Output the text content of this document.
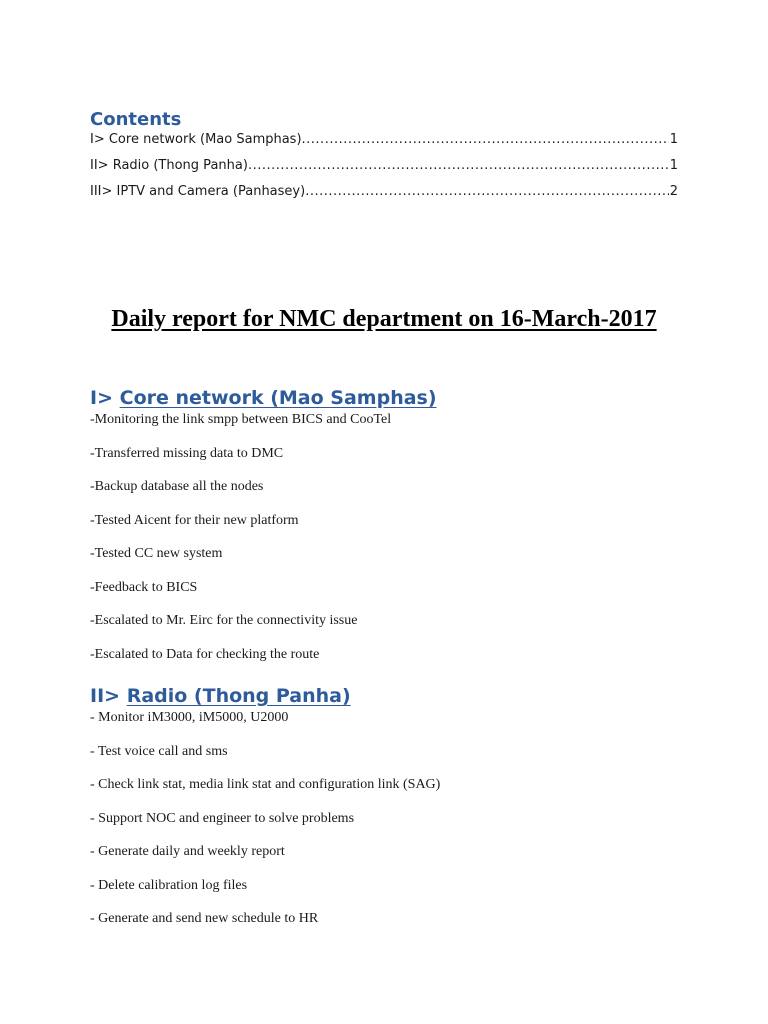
Contents
I> Core network (Mao Samphas) .....	1
II> Radio (Thong Panha) .....	1
III> IPTV and Camera (Panhasey) .....	2
Daily report for NMC department on 16-March-2017
I> Core network (Mao Samphas)
-Monitoring the link smpp between BICS and CooTel
-Transferred missing data to DMC
-Backup database all the nodes
-Tested Aicent for their new platform
-Tested CC new system
-Feedback to BICS
-Escalated to Mr. Eirc for the connectivity issue
-Escalated to Data for checking the route
II> Radio (Thong Panha)
- Monitor iM3000, iM5000, U2000
- Test voice call and sms
- Check link stat, media link stat and configuration link (SAG)
- Support NOC and engineer to solve problems
- Generate daily and weekly report
- Delete calibration log files
- Generate and send new schedule to HR
